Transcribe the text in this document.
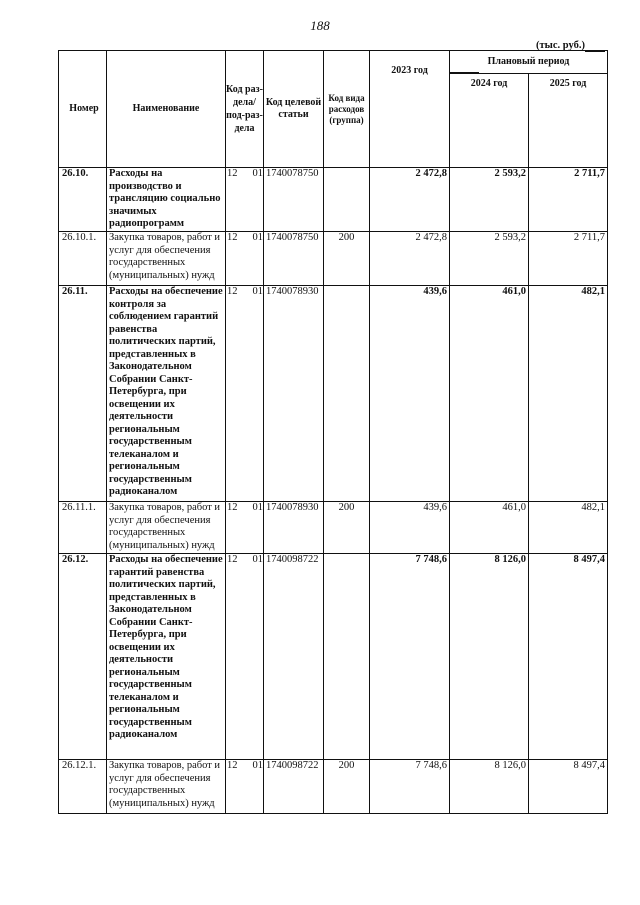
188
(тыс. руб.)
Номер	Наименование	Код раз-дела/ под-раз-дела	Код целевой статьи	Код вида расходов (группа)	2023 год	Плановый период	
						2024 год	2025 год
26.10.	Расходы на производство и трансляцию социально значимых радиопрограмм	12 01	1740078750		2 472,8	2 593,2	2 711,7
26.10.1.	Закупка товаров, работ и услуг для обеспечения государственных (муниципальных) нужд	12 01	1740078750	200	2 472,8	2 593,2	2 711,7
26.11.	Расходы на обеспечение контроля за соблюдением гарантий равенства политических партий, представленных в Законодательном Собрании Санкт-Петербурга, при освещении их деятельности региональным государственным телеканалом и региональным государственным радиоканалом	12 01	1740078930		439,6	461,0	482,1
26.11.1.	Закупка товаров, работ и услуг для обеспечения государственных (муниципальных) нужд	12 01	1740078930	200	439,6	461,0	482,1
26.12.	Расходы на обеспечение гарантий равенства политических партий, представленных в Законодательном Собрании Санкт-Петербурга, при освещении их деятельности региональным государственным телеканалом и региональным государственным радиоканалом	12 01	1740098722		7 748,6	8 126,0	8 497,4
26.12.1.	Закупка товаров, работ и услуг для обеспечения государственных (муниципальных) нужд	12 01	1740098722	200	7 748,6	8 126,0	8 497,4
